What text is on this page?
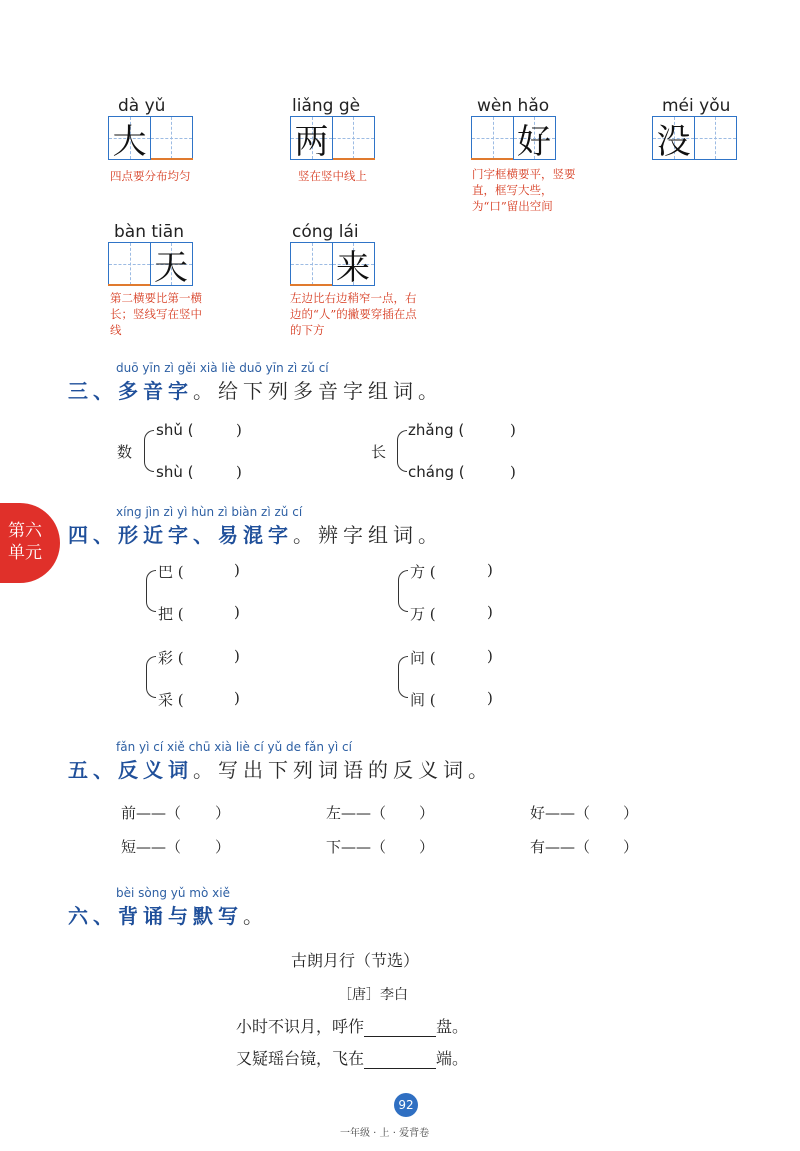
dà yǔ
大
四点要分布均匀
liǎng gè
两
竖在竖中线上
wèn hǎo
好
门字框横要平，竖要直，框写大些，为“口”留出空间
méi yǒu
没
bàn tiān
天
第二横要比第一横长；竖线写在竖中线
cóng lái
来
左边比右边稍窄一点，右边的“人”的撇要穿插在点的下方
duō yīn zì gěi xià liè duō yīn zì zǔ cí
三、多音字。给下列多音字组词。
数
shǔ (	)
shù (	)
长
zhǎng (	)
cháng (	)
第六
单元
xíng jìn zì yì hùn zì biàn zì zǔ cí
四、形近字、易混字。辨字组词。
巴 (	)
把 (	)
方 (	)
万 (	)
彩 (	)
采 (	)
问 (	)
间 (	)
fǎn yì cí xiě chū xià liè cí yǔ de fǎn yì cí
五、反义词。写出下列词语的反义词。
前——（ ）	左——（ ）	好——（ ）
短——（ ）	下——（ ）	有——（ ）
bèi sòng yǔ mò xiě
六、背诵与默写。
古朗月行（节选）
［唐］李白
小时不识月，呼作	盘。
又疑瑶台镜，飞在	端。
92
一年级 · 上 · 爱背卷
